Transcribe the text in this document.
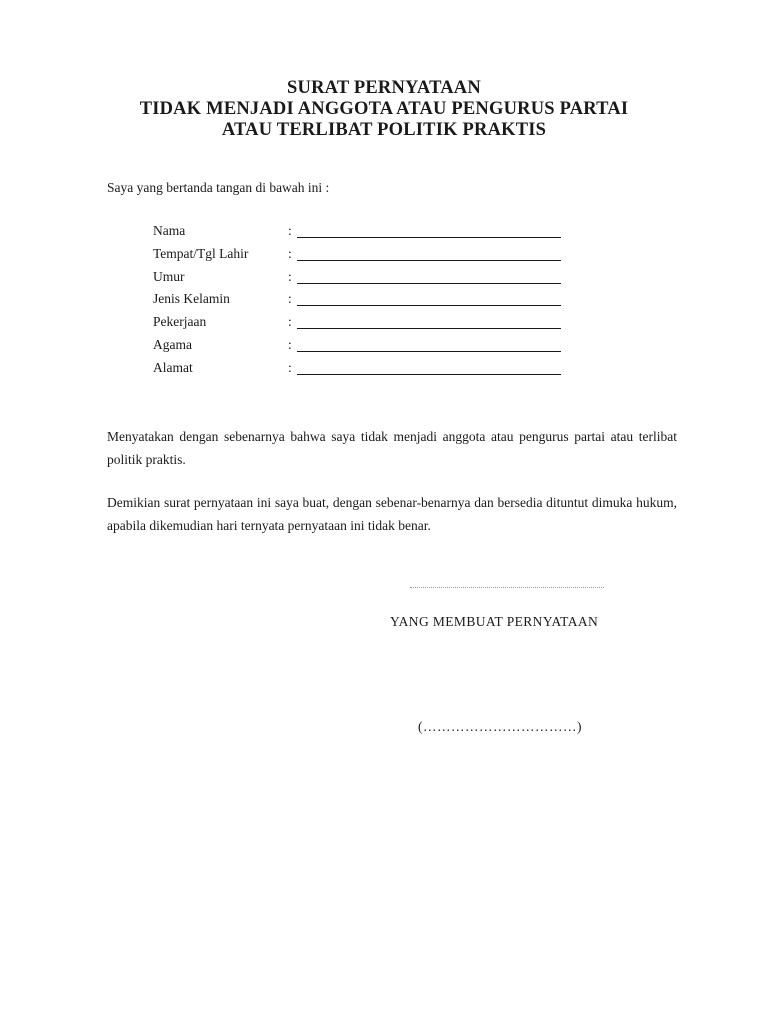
SURAT PERNYATAAN
TIDAK MENJADI ANGGOTA ATAU PENGURUS PARTAI
ATAU TERLIBAT POLITIK PRAKTIS

Saya yang bertanda tangan di bawah ini :

Nama	:
Tempat/Tgl Lahir	:
Umur	:
Jenis Kelamin	:
Pekerjaan	:
Agama	:
Alamat	:

Menyatakan dengan sebenarnya bahwa saya tidak menjadi anggota atau pengurus partai atau terlibat politik praktis.

Demikian surat pernyataan ini saya buat, dengan sebenar-benarnya dan bersedia dituntut dimuka hukum, apabila dikemudian hari ternyata pernyataan ini tidak benar.

YANG MEMBUAT PERNYATAAN

(……………………………)
